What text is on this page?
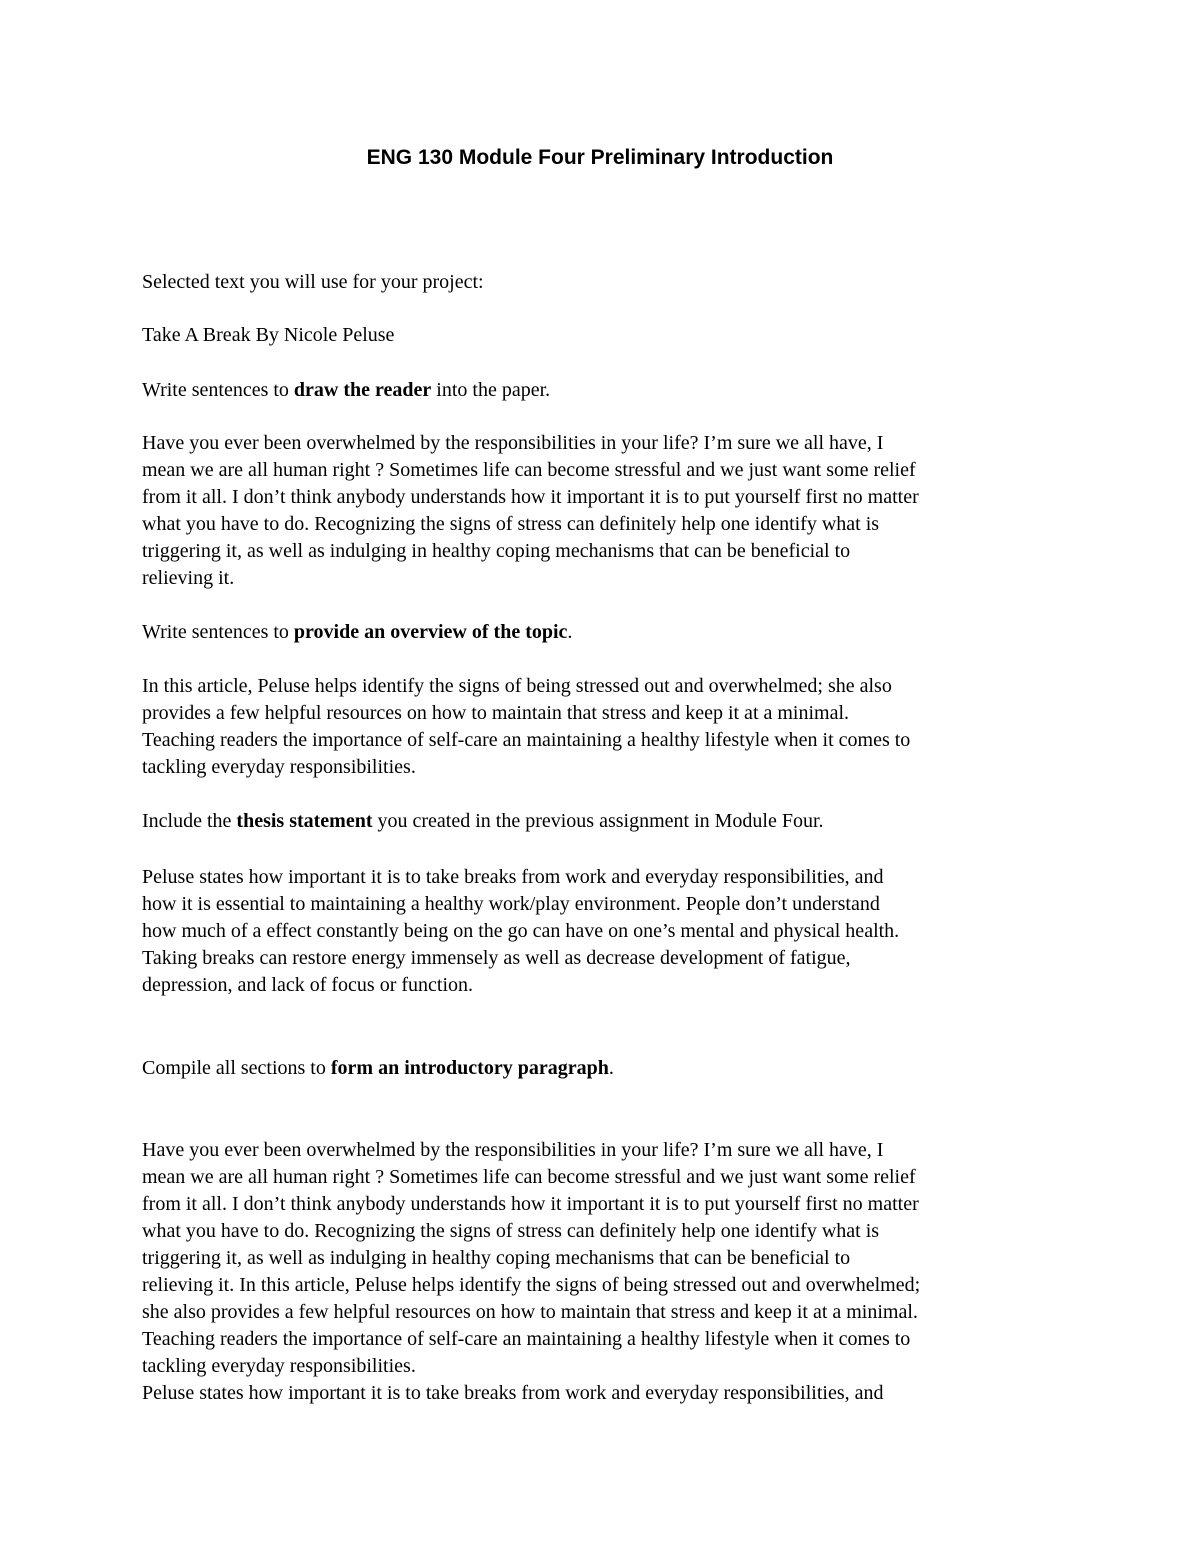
ENG 130 Module Four Preliminary Introduction

Selected text you will use for your project:

Take A Break By Nicole Peluse

Write sentences to draw the reader into the paper.

Have you ever been overwhelmed by the responsibilities in your life? I’m sure we all have, I
mean we are all human right ? Sometimes life can become stressful and we just want some relief
from it all. I don’t think anybody understands how it important it is to put yourself first no matter
what you have to do. Recognizing the signs of stress can definitely help one identify what is
triggering it, as well as indulging in healthy coping mechanisms that can be beneficial to
relieving it.

Write sentences to provide an overview of the topic.

In this article, Peluse helps identify the signs of being stressed out and overwhelmed; she also
provides a few helpful resources on how to maintain that stress and keep it at a minimal.
Teaching readers the importance of self-care an maintaining a healthy lifestyle when it comes to
tackling everyday responsibilities.

Include the thesis statement you created in the previous assignment in Module Four.

Peluse states how important it is to take breaks from work and everyday responsibilities, and
how it is essential to maintaining a healthy work/play environment. People don’t understand
how much of a effect constantly being on the go can have on one’s mental and physical health.
Taking breaks can restore energy immensely as well as decrease development of fatigue,
depression, and lack of focus or function.

Compile all sections to form an introductory paragraph.

Have you ever been overwhelmed by the responsibilities in your life? I’m sure we all have, I
mean we are all human right ? Sometimes life can become stressful and we just want some relief
from it all. I don’t think anybody understands how it important it is to put yourself first no matter
what you have to do. Recognizing the signs of stress can definitely help one identify what is
triggering it, as well as indulging in healthy coping mechanisms that can be beneficial to
relieving it. In this article, Peluse helps identify the signs of being stressed out and overwhelmed;
she also provides a few helpful resources on how to maintain that stress and keep it at a minimal.
Teaching readers the importance of self-care an maintaining a healthy lifestyle when it comes to
tackling everyday responsibilities.
Peluse states how important it is to take breaks from work and everyday responsibilities, and
